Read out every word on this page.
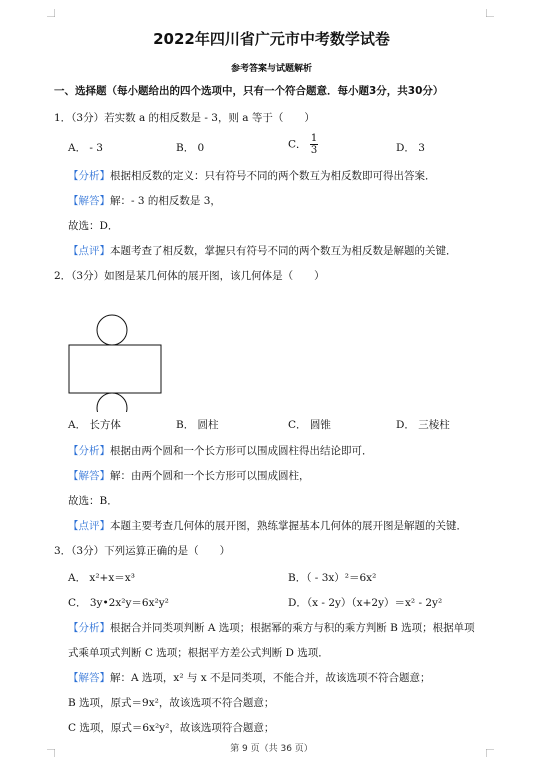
2022年四川省广元市中考数学试卷
参考答案与试题解析
一、选择题（每小题给出的四个选项中，只有一个符合题意．每小题3分，共30分）
1．（3分）若实数 a 的相反数是 - 3，则 a 等于（　　）
A． - 3	B． 0	C． $\frac{1}{3}$	D． 3
【分析】根据相反数的定义：只有符号不同的两个数互为相反数即可得出答案．
【解答】解：- 3 的相反数是 3，
故选：D．
【点评】本题考查了相反数，掌握只有符号不同的两个数互为相反数是解题的关键．
2．（3分）如图是某几何体的展开图，该几何体是（　　）
A． 长方体	B． 圆柱	C． 圆锥	D． 三棱柱
【分析】根据由两个圆和一个长方形可以围成圆柱得出结论即可．
【解答】解：由两个圆和一个长方形可以围成圆柱，
故选：B．
【点评】本题主要考查几何体的展开图，熟练掌握基本几何体的展开图是解题的关键．
3．（3分）下列运算正确的是（　　）
A． x²+x＝x³	B．（ - 3x）²＝6x²
C． 3y•2x²y＝6x²y²	D．（x - 2y）（x+2y）＝x² - 2y²
【分析】根据合并同类项判断 A 选项；根据幂的乘方与积的乘方判断 B 选项；根据单项
式乘单项式判断 C 选项；根据平方差公式判断 D 选项．
【解答】解：A 选项，x² 与 x 不是同类项，不能合并，故该选项不符合题意；
B 选项，原式＝9x²，故该选项不符合题意；
C 选项，原式＝6x²y²，故该选项符合题意；
第 9 页（共 36 页）
